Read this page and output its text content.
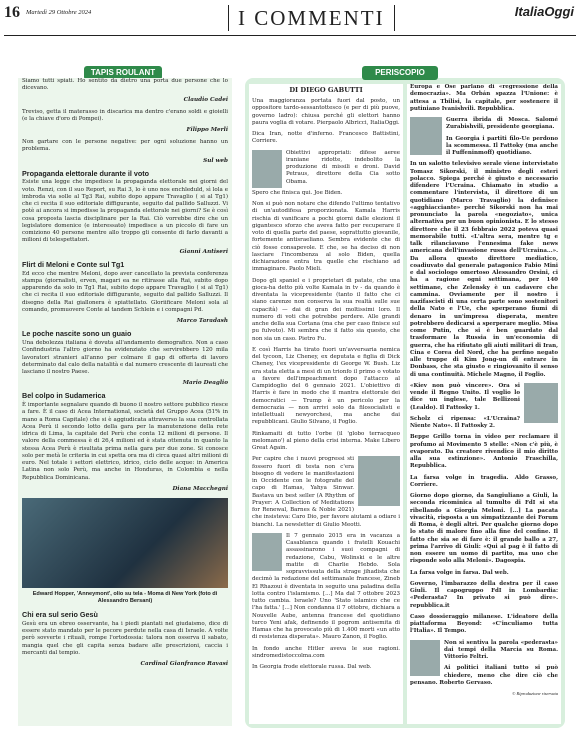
16 Martedì 29 Ottobre 2024	I COMMENTI	ItaliaOggi
TAPIS ROULANT

Siamo tutti spiati. Ho sentito da dietro una porta due persone che lo dicevano.

Claudio Cadei

Treviso, getta il materasso in discarica ma dentro c'erano soldi e gioielli (e la chiave d'oro di Pompei).

Filippo Merli

Non gartare con le persone negative: per ogni soluzione hanno un problema.

Sul web
Propaganda elettorale durante il voto

Esiste una legge che impedisce la propaganda elettorale nei giorni del voto. Renzi, con il suo Report, su Rai 3, lo è uno nos enchleduld, sì lola e imbroda via solle al Tg3 Rai, subito dopo appare Travaglio ( si al Tg1) che ci recita il suo editoriale diffigurante, seguito dal pallido Salluzzi. Vi potè ai ancora si impedisse la propaganda elettorale nei giorni? Se è così cosa proposta lascia disciplinare per la Rai. Ciò vorrebbe dire che un legislatore domenice (e interessato) impedisce a un piccolo di fare un comiziono 40 persone mentre allo troppo gli consente di farlo davanti a milioni di telespettatori.

Gianni Antiseri
Flirt di Meloni e Conte sul Tg1

Ed ecco che mentre Meloni, dopo aver cancellato la prevista conferenza stampa (giornalisti, erven, magari ea ne ritirasse alla Rai, subito dopo apparendo da solo in Tg1 Rai, subito dopo appare Travaglio ( si al Tg1) che ci recita il suo editoriale diffigurante, seguito dal pallido Salluzzi. Il disegno della Rai giallonera è spiattellato. Gloriificare Meloni sola al comando, promuovere Conte al tandem Schlein e i compagni Pd.

Marco Taradash
Le poche nascite sono un guaio

Una debolezza italiana è dovuta all'andamento demografico. Non a caso Confindustria l'altro giorno ha evidenziato che servirebbero 120 mila lavoratori stranieri all'anno per colmare il gap di offerta di lavoro determinato dal calo della natalità e dal numero crescente di laureati che lasciano il nostro Paese.

Mario Deaglio
Bel colpo in Sudamerica

È importante segnalare quando di buono il nostro settore pubblico riesce a fare. È il caso di Acea International, società del Gruppo Acea (51% in mano a Roma Capitale) che si è aggiudicata attraverso la sua controllata Acea Perù il secondo lotto della gara per la manutenzione della rete idrica di Lima, la capitale del Perù che conta 12 milioni di persone. Il valore della commessa è di 26,4 milioni ed è stata ottenuta in quanto la stessa Acea Perù è risultata prima nella gara per due zone. Si conosce solo per metà le criteria in cui spetta ora ma di circa quasi altri milioni di euro. Nel totale i settori elettrico, idrico, ciclo delle acque: in America Latina non solo Perù, ma anche in Honduras, in Colombia e nella Repubblica Dominicana.

Diana Macchegni
Edward Hopper, 'Anneymont', olio su tela - Moma di New York (foto di Alessandro Bersani)
Chi era sul serio Gesù

Gesù era un ebreo osservante, ha i piedi piantati nel giudaismo, dice di essere stato mandato per le pecore perdute nella casa di Israele. A volte però sovverte i rituali, rompe l'ortodossia: talora non osserva il sabato, mangia quel che gli capita senza badare alle prescrizioni, caccia i mercanti dal tempio.

Cardinal Gianfranco Ravasi
PERISCOPIO
DI DIEGO GABUTTI

Una maggioranza portata fuori dal posto, un oppositore tardo-sessantottesco (e per di più puove, governo ladro): chiusa perché gli elettori hanno paura voglia di votare. Pierpaolo Albricci, ItaliaOggi.

Dica Iran, notte d'inferno. Francesco Battistini, Corriere.

Obiettivi appropriati: difese aeree iraniane ridotte, indebolito la produzione di missili e droni. David Petraus, direttore della Cia sotto Obama.

Spero che finisca qui. Joe Biden.

Non si può non notare che difendo l'ultimo tentativo di un'autodifesa proporzionata. Kamala Harris rischia di vanificare a pochi giorni dalle elezioni il gigantesco sforzo che aveva fatto per recuperare il voto di quella parte del paese, soprattutto giovanile, fortemente antisraeliano. Sembra evidente che di ciò fosse consapevole. E che, se ha deciso di non lasciare l'incombenza al solo Biden, quella dichiarazione entra tra quelle che rischiano ad immaginare. Paolo Mieli.

Dopo gli spaniel e i proprietari di patate, che una gioca-ha detto più volte Kamala in tv - da quando è diventata la vicepresidente (tanto il fatto che ci siano carenze non conserva la sua realtà sulle sue capacità) — dai di gran dei moltissimi loro. Il numero di voti che potrebbe perdere. Alle grandi anche della sua Cortana (ma che per caso finisce sul pu fulvoto). Mi sembra che il fatto sia questo, che non sia un caso. Pietro Fu.

E così Harris ha tirato fuori un'avversaria nemica del tycoon, Liz Cheney, ex deputata e figlia di Dick Cheney, l'ex vicepresidente di George W. Bush. Liz era stata eletta a mesi di un trionfo il primo o votato a favore dell'impeachment dopo l'attacco al Campidoglio del 6 gennaio 2021. L'obiettivo di Harris è fare in modo che il mantra elettorale dei democratici — Trump è un pericolo per la democrazia — non arrivi solo da filosocialisti e intellettuali newyorchesi, ma anche dai repubblicani. Giulio Silvano, il Foglio.

Rinkamaiti di tutto l'orbe (il 'globo terracqueo melomano') al pieno della crisi interna. Make Libero Great Again.

Per capire che i nuovi progressi sti fossero fuori di testa non c'era bisogno di vedere le manifestazioni in Occidente con le fotografie del capo di Hamas, Yahya Sinwar. Bastava un best seller (A Rhythm of Prayer: A Collection of Meditations for Renewal, Barnes & Noble 2021) che insisteva: Caro Dio, per favore aiutami a odiare i bianchi. La newsletter di Giulio Meotti.

Il 7 gennaio 2015 era in vacanza a Casablanca quando i fratelli Kouachi assassinarono i suoi compagni di redazione, Cabu, Wolinski e le altre matite di Charlie Hebdo. Sola sopravvissuta della strage jihadista che decimò la redazione del settimanale francese, Zineb El Rhazoui è diventata in seguito una paladina della lotta contro l'islamismo. [...] Ma dal 7 ottobre 2023 tutto cambia. Israele? Uno 'Stato islamico che ce l'ha fatta.' [...] Non condanna il 7 ottobre, dichiara a Nouvelle Aube, antenna francese del quotidiano turco Yeni afak, definendo il pogrom antisemita di Hamas che ha provocato più di 1.400 morti «un atto di resistenza disperata». Mauro Zanon, il Foglio.

In fondo anche Hitler aveva le sue ragioni. sindromedistoccolma.com

In Georgia frode elettorale russa. Dal web.

Europa e Ose parlano di «regressione della democrazia». Ma Orbán spazza l'Unione: è attesa a Tbilisi, la capitale, per sostenere il putiniano Ivanishvili. Repubblica.

Guerra ibrida di Mosca. Salomé Zurabishvili, presidente georgiana.

In Georgia i partiti filo-Ue perdono la scommessa. Il Fattoky (ma anche il Fuffeninmoff) quotidiano.

In un salotto televisivo serale viene intervistato Tomasz Sikorski, il ministro degli esteri polacco. Spiega perché è giusto e necessario difendere l'Ucraina. Chiamato in studio a commentare l'intervista, il direttore di un quotidiano (Marco Travaglio) la definisce «agghiacciante» perché Sikorski non ha mai pronunciato la parola «negoziato», unica alternativa per un buon opinionista. E lo stesso direttore che il 23 febbraio 2022 poteva quasi memorabile tutti. «L'altra sera, mentre tg e talk rilanciavano l'ennesima fake news americana dell'invasione russa dell'Ucraina...». Da allora questo direttore mediatico, coadiuvato dal generale patagonico Fabio Mini e dal sociologo omertoso Alessandro Orsini, ci ha a ragione ogni settimana, per 140 settimane, che Zelensky è un cadavere che cammina. Ovviamente per il nostro i nazifascisti di una certa parte sono sostenitori della Nato e l'Ue, che sperperano fiumi di denaro in un'impresa disperata, mentre potrebbero dedicarsi a sperperare meglio. Misa come Putin, che si è ben guardato dal trasformare la Russia in un'economia di guerra, che ha rifiutato gli aiuti militari di Iran, Cina e Corea del Nord, che ha perfino negato alle truppe di Kim Jong-un di entrare in Donbass, che sta giusto e ringiovanito il senso di una continuità. Michele Magno, il Foglio.

«Kiev non può vincere». Ora si vende il Regno Unito. Il voglio lo dice un inglese, tale Bellizoni (Lealdo). Il Fattosky 1.

Scholz ci ripensa: «L'Ucraina? Niente Nato». Il Fattosky 2.

Beppe Grillo torna in video per reclamare il profumo ai Movimento 5 stelle: «Non c'è più, è evaporato. Da creatore rivendico il mio diritto alla sua estinzione». Antonio Fraschilla, Repubblica.

La farsa volge in tragedia. Aldo Grasso, Corriere.

Giorno dopo giorno, da Sangiuliano a Giuli, la seconda ricominica al tumulto di FdI si sta ribellando a Giorgia Meloni. [...] La pacata vivacità, risposta a un simpatizzante dei Forum di Roma, è degli altri. Per qualche giorno dopo lo stato di malore fino alla fine del confine. Il fatto che sia se di fare è: il grande ballo a 27, prima l'arrivo di Giuli: «Qui al pag è il fatto di non essere un uomo di partito, ma uno che risponde solo alla Meloni». Dagospia.

La farsa volge in farsa. Dal web.

Governo, l'imbarazzo della destra per il caso Giuli. Il capogruppo FdI in Lombardia: «Pederasta? In privato si può dire». repubblica.it

Caso dossieraggio milanese. L'ideatore della piattaforma Beyond: «C'inculiamo tutta l'Italia». Il Tempo.

Non si sentiva la parola «pederasta» dai tempi della Marcia su Roma. Vittorio Feltri.

Ai politici italiani tutto si può chiedere, meno che dire ciò che pensano. Roberto Gervaso.

© Riproduzione riservata
